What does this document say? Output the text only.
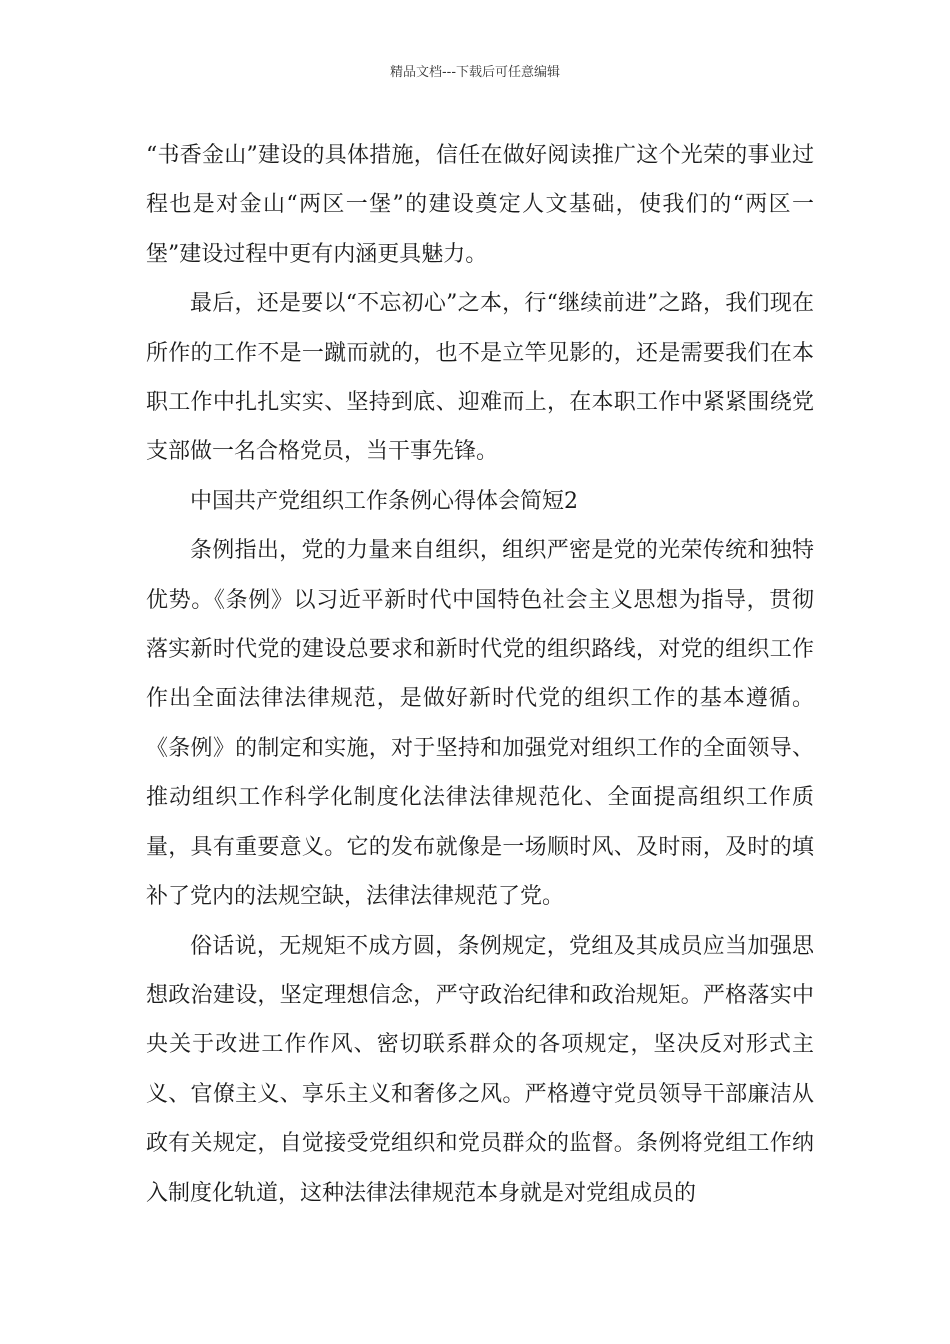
精品文档---下载后可任意编辑

“书香金山”建设的具体措施，信任在做好阅读推广这个光荣的事业过程也是对金山“两区一堡”的建设奠定人文基础，使我们的“两区一堡”建设过程中更有内涵更具魅力。

最后，还是要以“不忘初心”之本，行“继续前进”之路，我们现在所作的工作不是一蹴而就的，也不是立竿见影的，还是需要我们在本职工作中扎扎实实、坚持到底、迎难而上，在本职工作中紧紧围绕党支部做一名合格党员，当干事先锋。

中国共产党组织工作条例心得体会简短2

条例指出，党的力量来自组织，组织严密是党的光荣传统和独特优势。《条例》以习近平新时代中国特色社会主义思想为指导，贯彻落实新时代党的建设总要求和新时代党的组织路线，对党的组织工作作出全面法律法律规范，是做好新时代党的组织工作的基本遵循。《条例》的制定和实施，对于坚持和加强党对组织工作的全面领导、推动组织工作科学化制度化法律法律规范化、全面提高组织工作质量，具有重要意义。它的发布就像是一场顺时风、及时雨，及时的填补了党内的法规空缺，法律法律规范了党。

俗话说，无规矩不成方圆，条例规定，党组及其成员应当加强思想政治建设，坚定理想信念，严守政治纪律和政治规矩。严格落实中央关于改进工作作风、密切联系群众的各项规定，坚决反对形式主义、官僚主义、享乐主义和奢侈之风。严格遵守党员领导干部廉洁从政有关规定，自觉接受党组织和党员群众的监督。条例将党组工作纳入制度化轨道，这种法律法律规范本身就是对党组成员的
